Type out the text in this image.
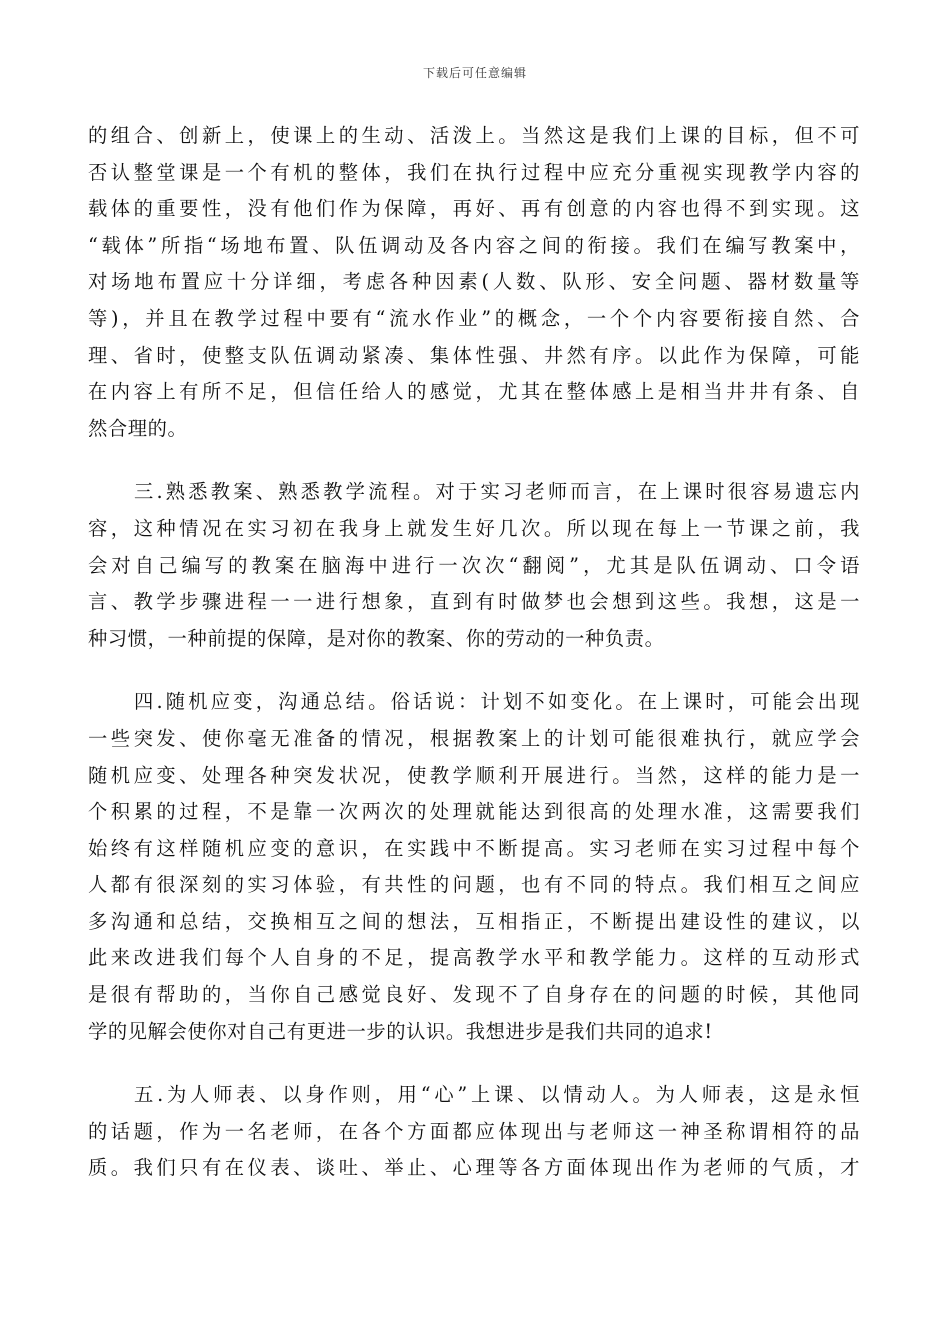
下载后可任意编辑
的组合、创新上，使课上的生动、活泼上。当然这是我们上课的目标，但不可
否认整堂课是一个有机的整体，我们在执行过程中应充分重视实现教学内容的
载体的重要性，没有他们作为保障，再好、再有创意的内容也得不到实现。这
“载体”所指“场地布置、队伍调动及各内容之间的衔接。我们在编写教案中，
对场地布置应十分详细，考虑各种因素(人数、队形、安全问题、器材数量等
等)，并且在教学过程中要有“流水作业”的概念，一个个内容要衔接自然、合
理、省时，使整支队伍调动紧凑、集体性强、井然有序。以此作为保障，可能
在内容上有所不足，但信任给人的感觉，尤其在整体感上是相当井井有条、自
然合理的。
三.熟悉教案、熟悉教学流程。对于实习老师而言，在上课时很容易遗忘内
容，这种情况在实习初在我身上就发生好几次。所以现在每上一节课之前，我
会对自己编写的教案在脑海中进行一次次“翻阅”，尤其是队伍调动、口令语
言、教学步骤进程一一进行想象，直到有时做梦也会想到这些。我想，这是一
种习惯，一种前提的保障，是对你的教案、你的劳动的一种负责。
四.随机应变，沟通总结。俗话说：计划不如变化。在上课时，可能会出现
一些突发、使你毫无准备的情况，根据教案上的计划可能很难执行，就应学会
随机应变、处理各种突发状况，使教学顺利开展进行。当然，这样的能力是一
个积累的过程，不是靠一次两次的处理就能达到很高的处理水准，这需要我们
始终有这样随机应变的意识，在实践中不断提高。实习老师在实习过程中每个
人都有很深刻的实习体验，有共性的问题，也有不同的特点。我们相互之间应
多沟通和总结，交换相互之间的想法，互相指正，不断提出建设性的建议，以
此来改进我们每个人自身的不足，提高教学水平和教学能力。这样的互动形式
是很有帮助的，当你自己感觉良好、发现不了自身存在的问题的时候，其他同
学的见解会使你对自己有更进一步的认识。我想进步是我们共同的追求!
五.为人师表、以身作则，用“心”上课、以情动人。为人师表，这是永恒
的话题，作为一名老师，在各个方面都应体现出与老师这一神圣称谓相符的品
质。我们只有在仪表、谈吐、举止、心理等各方面体现出作为老师的气质，才
